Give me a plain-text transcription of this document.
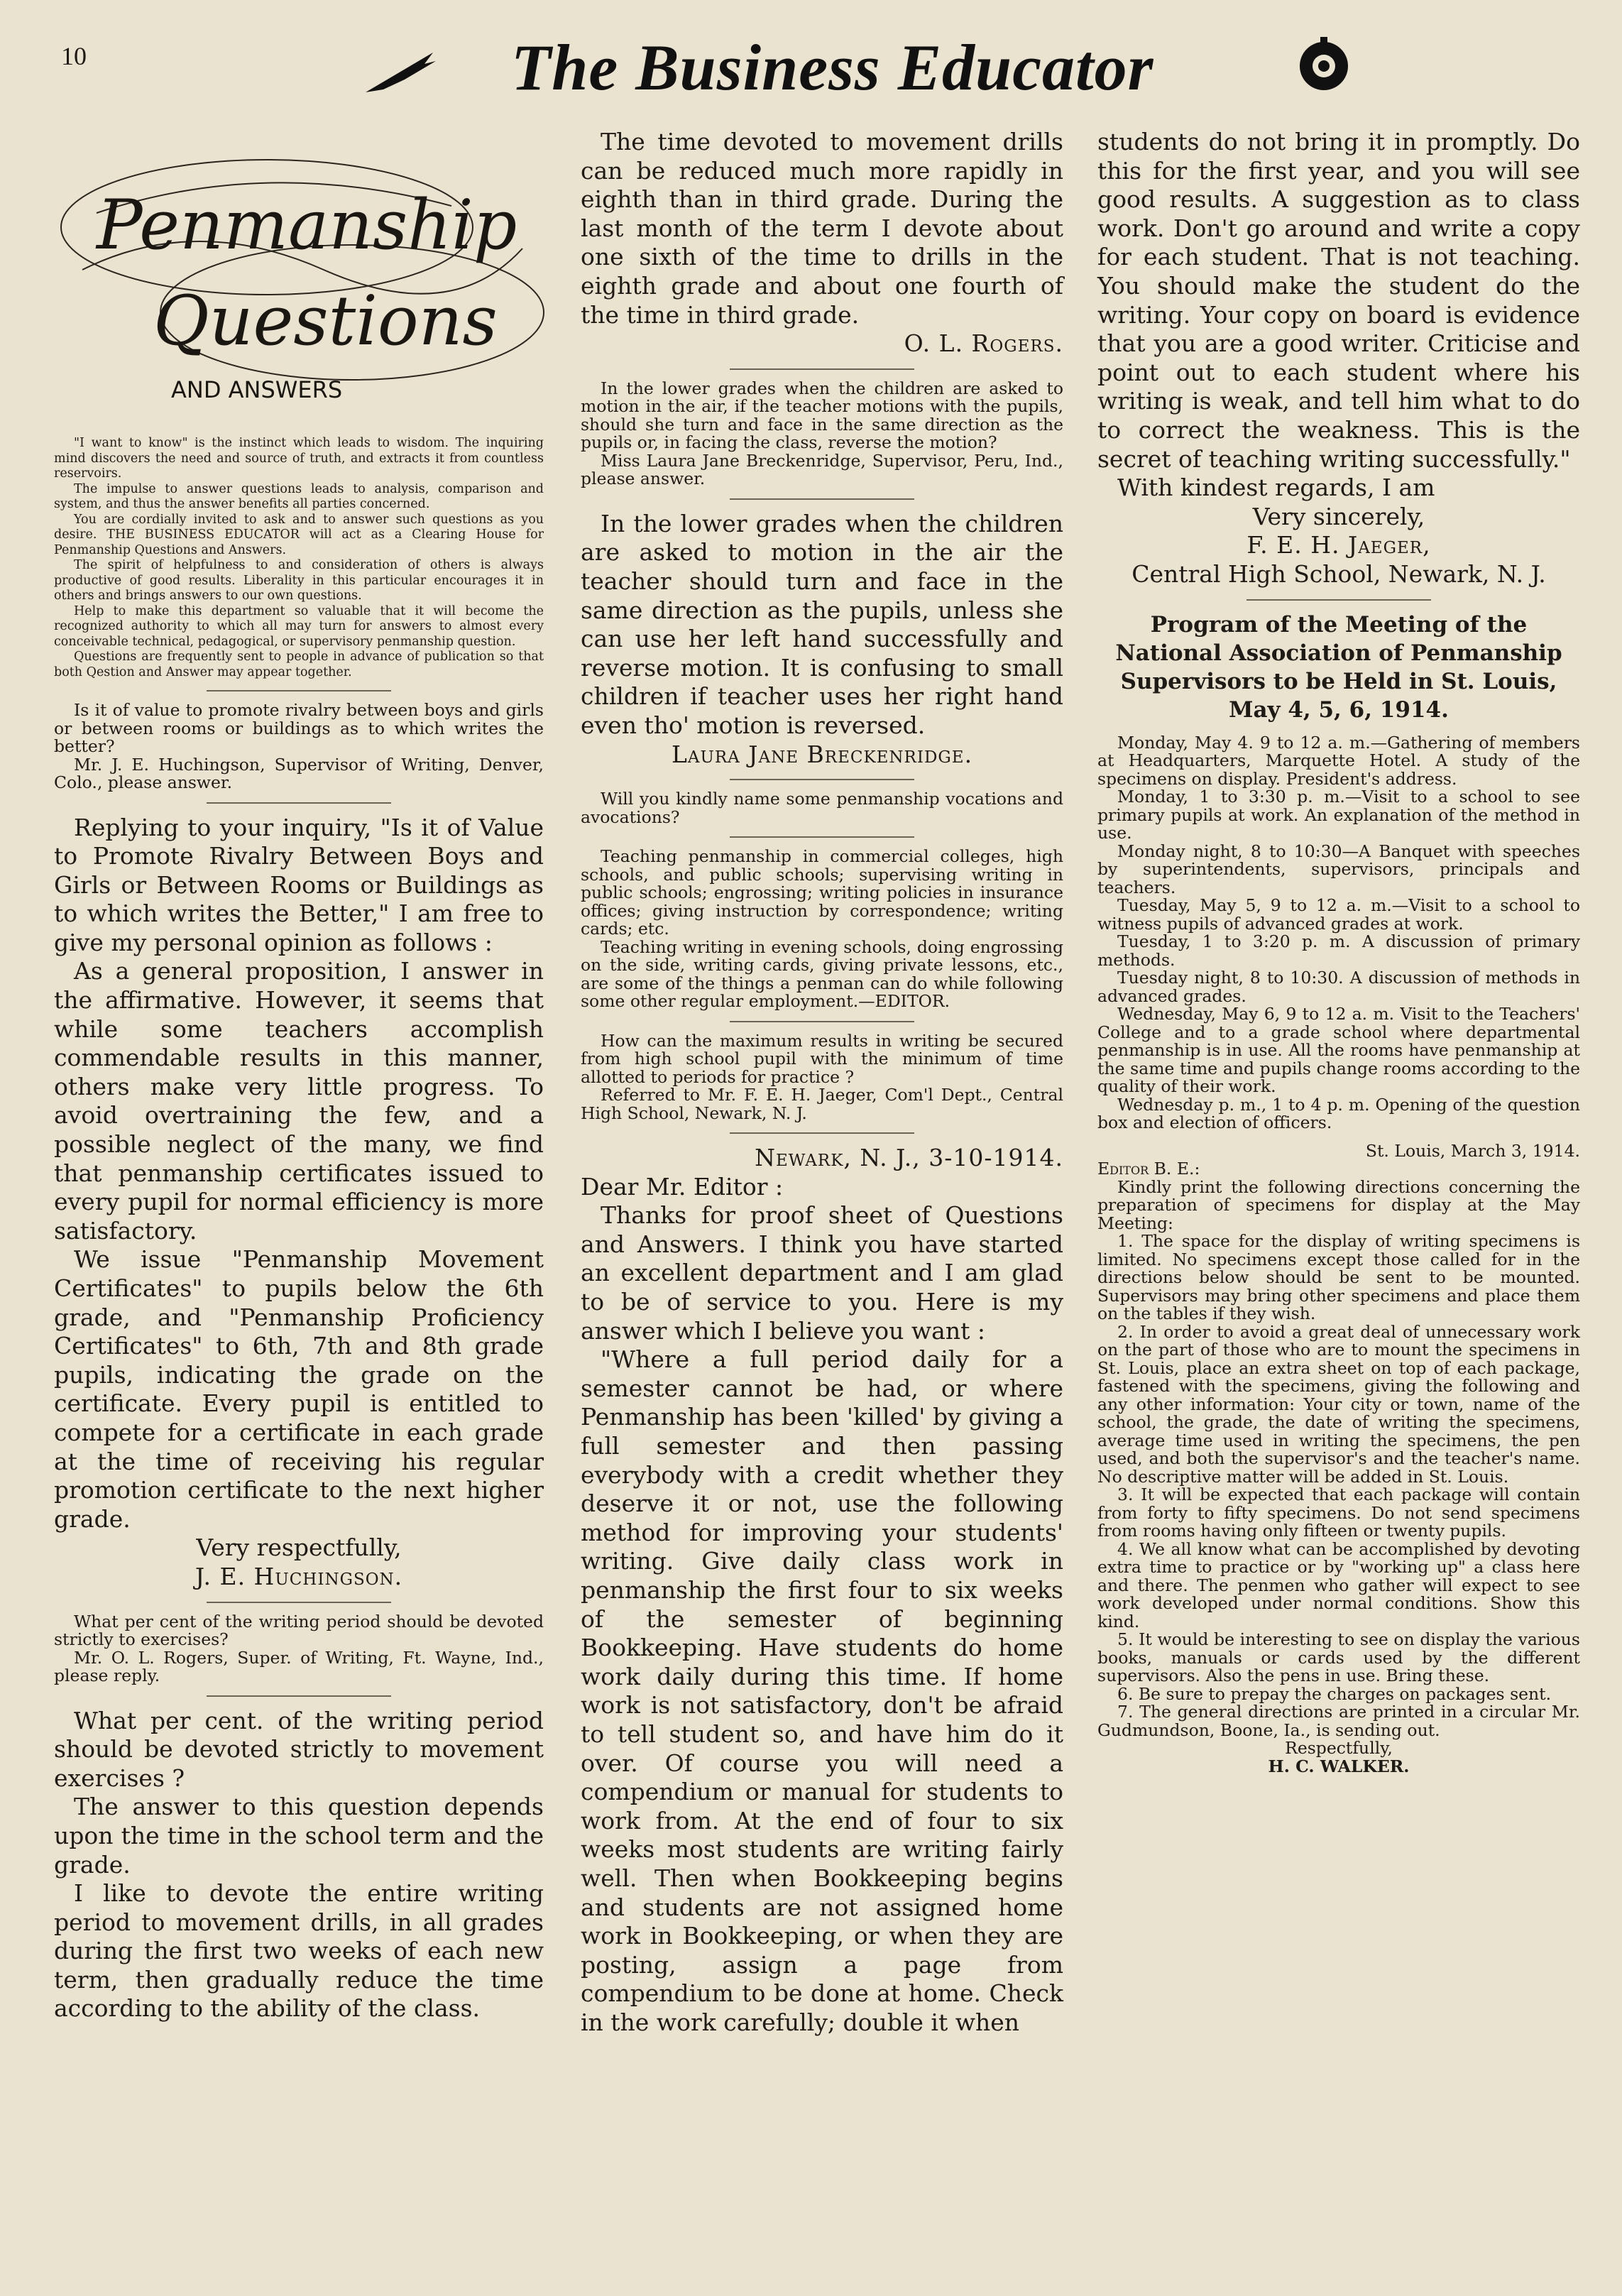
10	The Business Educator
Penmanship
Questions
AND ANSWERS

"I want to know" is the instinct which leads to wisdom. The inquiring mind discovers the need and source of truth, and extracts it from countless reservoirs.

The impulse to answer questions leads to analysis, comparison and system, and thus the answer benefits all parties concerned.

You are cordially invited to ask and to answer such questions as you desire. THE BUSINESS EDUCATOR will act as a Clearing House for Penmanship Questions and Answers.

The spirit of helpfulness to and consideration of others is always productive of good results. Liberality in this particular encourages it in others and brings answers to our own questions.

Help to make this department so valuable that it will become the recognized authority to which all may turn for answers to almost every conceivable technical, pedagogical, or supervisory penmanship question.

Questions are frequently sent to people in advance of publication so that both Qestion and Answer may appear together.

Is it of value to promote rivalry between boys and girls or between rooms or buildings as to which writes the better?

Mr. J. E. Huchingson, Supervisor of Writing, Denver, Colo., please answer.

Replying to your inquiry, "Is it of Value to Promote Rivalry Between Boys and Girls or Between Rooms or Buildings as to which writes the Better," I am free to give my personal opinion as follows :

As a general proposition, I answer in the affirmative. However, it seems that while some teachers accomplish commendable results in this manner, others make very little progress. To avoid overtraining the few, and a possible neglect of the many, we find that penmanship certificates issued to every pupil for normal efficiency is more satisfactory.

We issue "Penmanship Movement Certificates" to pupils below the 6th grade, and "Penmanship Proficiency Certificates" to 6th, 7th and 8th grade pupils, indicating the grade on the certificate. Every pupil is entitled to compete for a certificate in each grade at the time of receiving his regular promotion certificate to the next higher grade.

Very respectfully,

J. E. Huchingson.

What per cent of the writing period should be devoted strictly to exercises?

Mr. O. L. Rogers, Super. of Writing, Ft. Wayne, Ind., please reply.

What per cent. of the writing period should be devoted strictly to movement exercises ?

The answer to this question depends upon the time in the school term and the grade.

I like to devote the entire writing period to movement drills, in all grades during the first two weeks of each new term, then gradually reduce the time according to the ability of the class.

The time devoted to movement drills can be reduced much more rapidly in eighth than in third grade. During the last month of the term I devote about one sixth of the time to drills in the eighth grade and about one fourth of the time in third grade.

O. L. Rogers.

In the lower grades when the children are asked to motion in the air, if the teacher motions with the pupils, should she turn and face in the same direction as the pupils or, in facing the class, reverse the motion?

Miss Laura Jane Breckenridge, Supervisor, Peru, Ind., please answer.

In the lower grades when the children are asked to motion in the air the teacher should turn and face in the same direction as the pupils, unless she can use her left hand successfully and reverse motion. It is confusing to small children if teacher uses her right hand even tho' motion is reversed.

Laura Jane Breckenridge.

Will you kindly name some penmanship vocations and avocations?

Teaching penmanship in commercial colleges, high schools, and public schools; supervising writing in public schools; engrossing; writing policies in insurance offices; giving instruction by correspondence; writing cards; etc.

Teaching writing in evening schools, doing engrossing on the side, writing cards, giving private lessons, etc., are some of the things a penman can do while following some other regular employment.—EDITOR.

How can the maximum results in writing be secured from high school pupil with the minimum of time allotted to periods for practice ?

Referred to Mr. F. E. H. Jaeger, Com'l Dept., Central High School, Newark, N. J.

Newark, N. J., 3-10-1914.

Dear Mr. Editor :

Thanks for proof sheet of Questions and Answers. I think you have started an excellent department and I am glad to be of service to you. Here is my answer which I believe you want :

"Where a full period daily for a semester cannot be had, or where Penmanship has been 'killed' by giving a full semester and then passing everybody with a credit whether they deserve it or not, use the following method for improving your students' writing. Give daily class work in penmanship the first four to six weeks of the semester of beginning Bookkeeping. Have students do home work daily during this time. If home work is not satisfactory, don't be afraid to tell student so, and have him do it over. Of course you will need a compendium or manual for students to work from. At the end of four to six weeks most students are writing fairly well. Then when Bookkeeping begins and students are not assigned home work in Bookkeeping, or when they are posting, assign a page from compendium to be done at home. Check in the work carefully; double it when

students do not bring it in promptly. Do this for the first year, and you will see good results. A suggestion as to class work. Don't go around and write a copy for each student. That is not teaching. You should make the student do the writing. Your copy on board is evidence that you are a good writer. Criticise and point out to each student where his writing is weak, and tell him what to do to correct the weakness. This is the secret of teaching writing successfully."

With kindest regards, I am

Very sincerely,

F. E. H. Jaeger,

Central High School, Newark, N. J.

Program of the Meeting of the National Association of Penmanship Supervisors to be Held in St. Louis, May 4, 5, 6, 1914.

Monday, May 4. 9 to 12 a. m.—Gathering of members at Headquarters, Marquette Hotel. A study of the specimens on display. President's address.

Monday, 1 to 3:30 p. m.—Visit to a school to see primary pupils at work. An explanation of the method in use.

Monday night, 8 to 10:30—A Banquet with speeches by superintendents, supervisors, principals and teachers.

Tuesday, May 5, 9 to 12 a. m.—Visit to a school to witness pupils of advanced grades at work.

Tuesday, 1 to 3:20 p. m. A discussion of primary methods.

Tuesday night, 8 to 10:30. A discussion of methods in advanced grades.

Wednesday, May 6, 9 to 12 a. m. Visit to the Teachers' College and to a grade school where departmental penmanship is in use. All the rooms have penmanship at the same time and pupils change rooms according to the quality of their work.

Wednesday p. m., 1 to 4 p. m. Opening of the question box and election of officers.

St. Louis, March 3, 1914.

Editor B. E.:

Kindly print the following directions concerning the preparation of specimens for display at the May Meeting:

1. The space for the display of writing specimens is limited. No specimens except those called for in the directions below should be sent to be mounted. Supervisors may bring other specimens and place them on the tables if they wish.

2. In order to avoid a great deal of unnecessary work on the part of those who are to mount the specimens in St. Louis, place an extra sheet on top of each package, fastened with the specimens, giving the following and any other information: Your city or town, name of the school, the grade, the date of writing the specimens, average time used in writing the specimens, the pen used, and both the supervisor's and the teacher's name. No descriptive matter will be added in St. Louis.

3. It will be expected that each package will contain from forty to fifty specimens. Do not send specimens from rooms having only fifteen or twenty pupils.

4. We all know what can be accomplished by devoting extra time to practice or by "working up" a class here and there. The penmen who gather will expect to see work developed under normal conditions. Show this kind.

5. It would be interesting to see on display the various books, manuals or cards used by the different supervisors. Also the pens in use. Bring these.

6. Be sure to prepay the charges on packages sent.

7. The general directions are printed in a circular Mr. Gudmundson, Boone, Ia., is sending out.

Respectfully,

H. C. WALKER.
